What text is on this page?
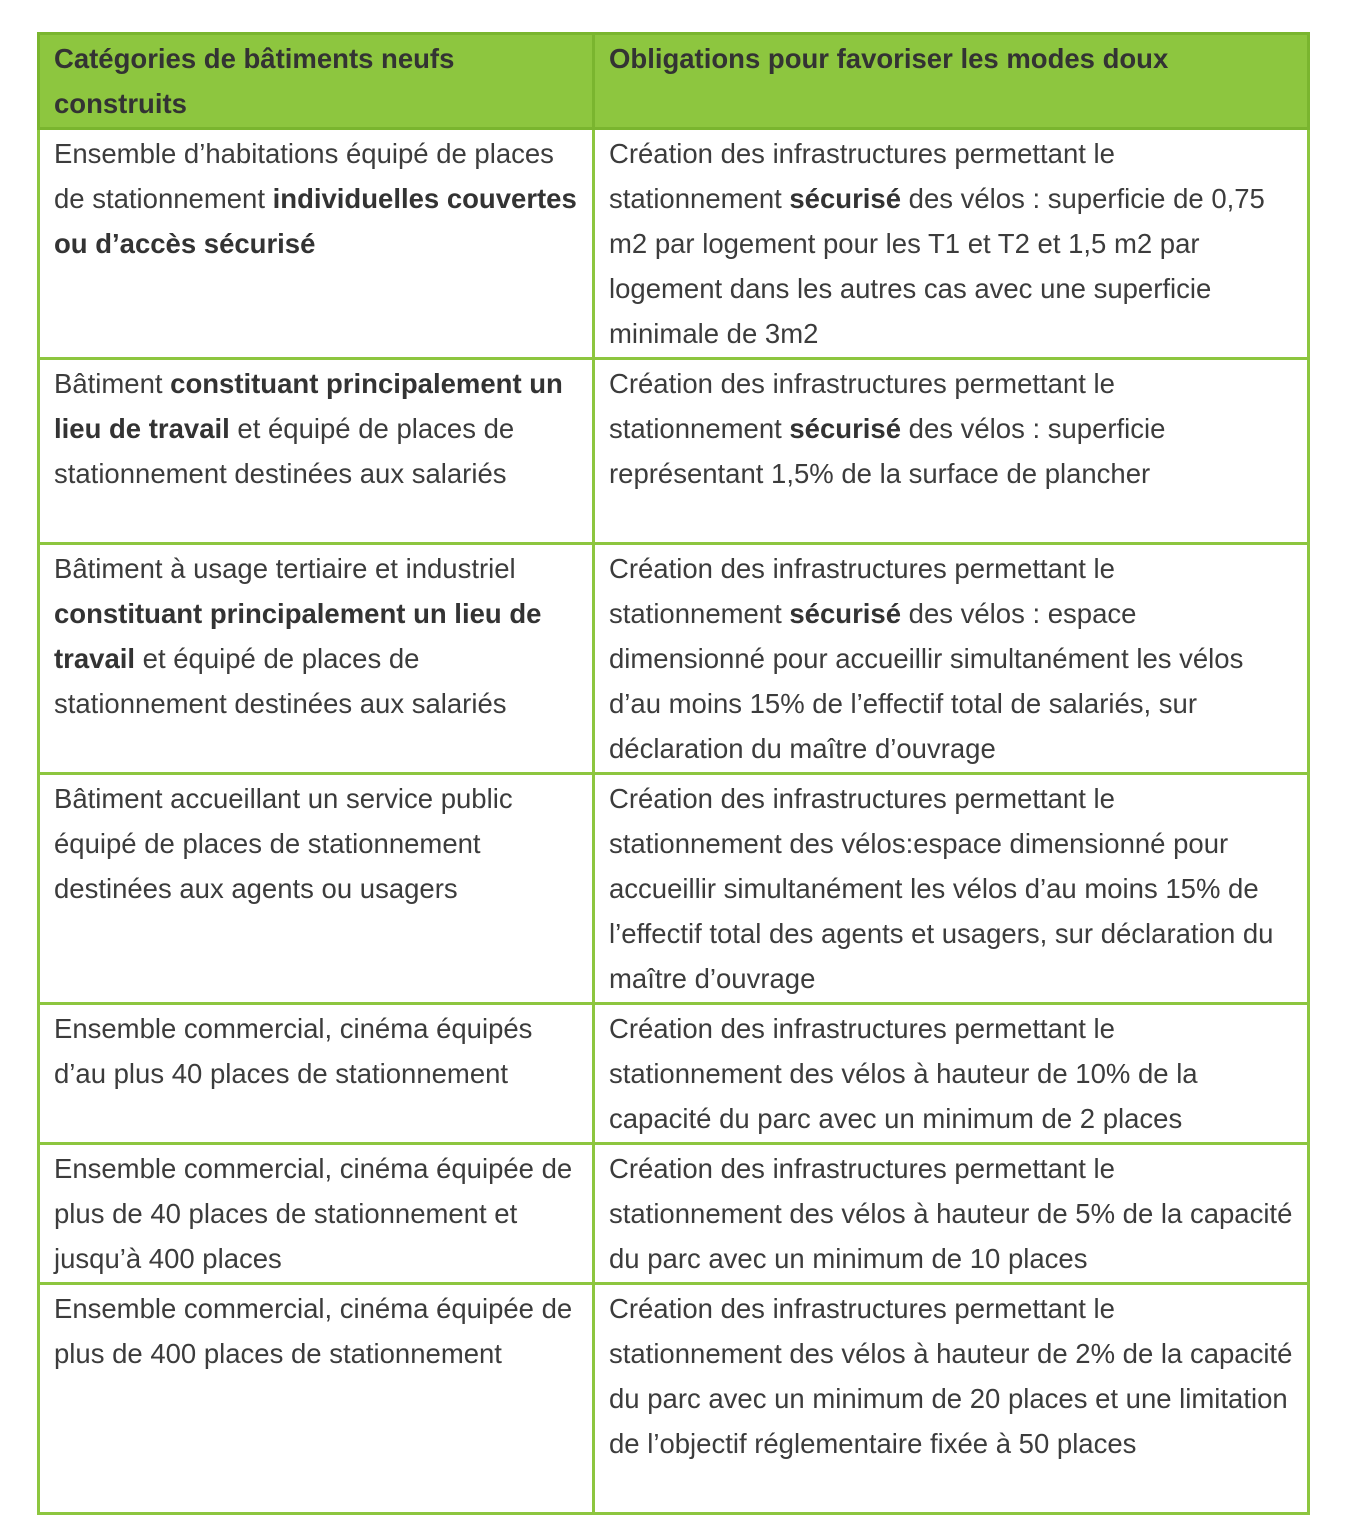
Catégories de bâtiments neufs construits	Obligations pour favoriser les modes doux
Ensemble d’habitations équipé de places de stationnement individuelles couvertes ou d’accès sécurisé	Création des infrastructures permettant le stationnement sécurisé des vélos : superficie de 0,75 m2 par logement pour les T1 et T2 et 1,5 m2 par logement dans les autres cas avec une superficie minimale de 3m2
Bâtiment constituant principalement un lieu de travail et équipé de places de stationnement destinées aux salariés	Création des infrastructures permettant le stationnement sécurisé des vélos : superficie représentant 1,5% de la surface de plancher
Bâtiment à usage tertiaire et industriel constituant principalement un lieu de travail et équipé de places de stationnement destinées aux salariés	Création des infrastructures permettant le stationnement sécurisé des vélos : espace dimensionné pour accueillir simultanément les vélos d’au moins 15% de l’effectif total de salariés, sur déclaration du maître d’ouvrage
Bâtiment accueillant un service public équipé de places de stationnement destinées aux agents ou usagers	Création des infrastructures permettant le stationnement des vélos:espace dimensionné pour accueillir simultanément les vélos d’au moins 15% de l’effectif total des agents et usagers, sur déclaration du maître d’ouvrage
Ensemble commercial, cinéma équipés d’au plus 40 places de stationnement	Création des infrastructures permettant le stationnement des vélos à hauteur de 10% de la capacité du parc avec un minimum de 2 places
Ensemble commercial, cinéma équipée de plus de 40 places de stationnement et jusqu’à 400 places	Création des infrastructures permettant le stationnement des vélos à hauteur de 5% de la capacité du parc avec un minimum de 10 places
Ensemble commercial, cinéma équipée de plus de 400 places de stationnement	Création des infrastructures permettant le stationnement des vélos à hauteur de 2% de la capacité du parc avec un minimum de 20 places et une limitation de l’objectif réglementaire fixée à 50 places
